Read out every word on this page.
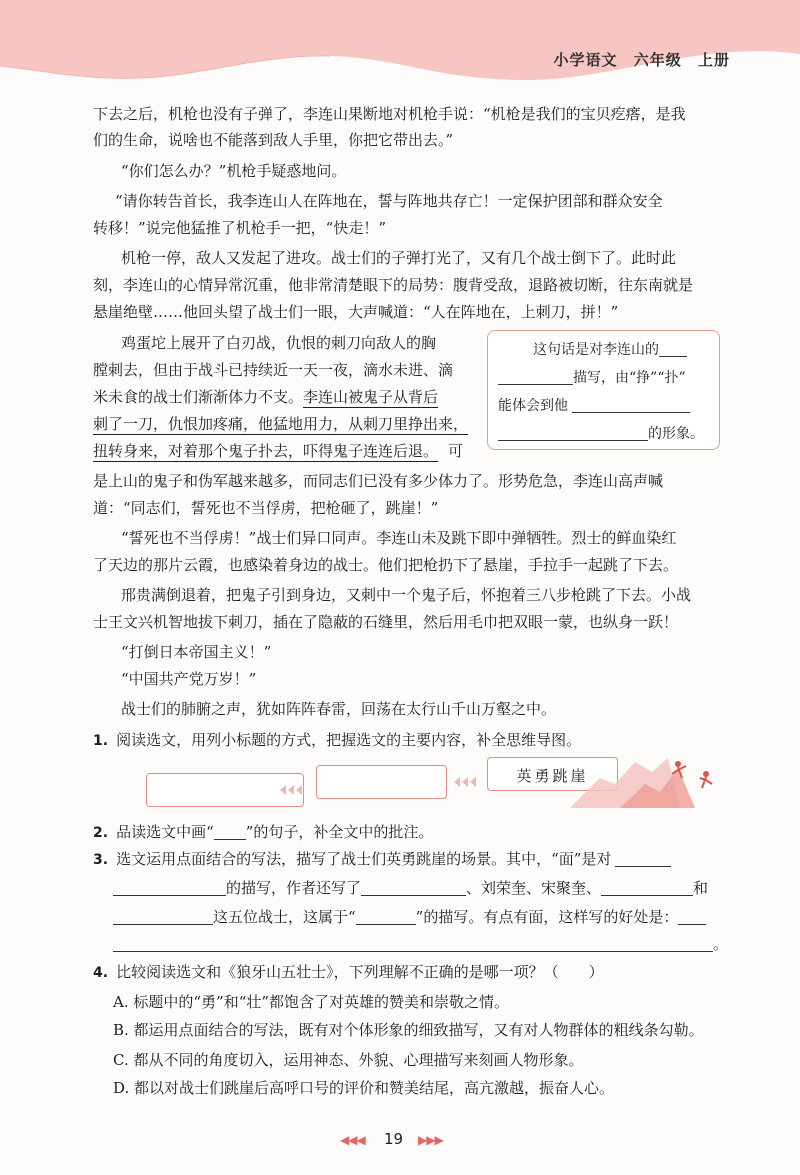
小学语文 六年级 上册
下去之后，机枪也没有子弹了，李连山果断地对机枪手说：“机枪是我们的宝贝疙瘩，是我
们的生命，说啥也不能落到敌人手里，你把它带出去。”
“你们怎么办？”机枪手疑惑地问。
“请你转告首长，我李连山人在阵地在，誓与阵地共存亡！一定保护团部和群众安全
转移！”说完他猛推了机枪手一把，“快走！”
机枪一停，敌人又发起了进攻。战士们的子弹打光了，又有几个战士倒下了。此时此
刻，李连山的心情异常沉重，他非常清楚眼下的局势：腹背受敌，退路被切断，往东南就是
悬崖绝壁……他回头望了战士们一眼，大声喊道：“人在阵地在，上刺刀，拼！”
鸡蛋坨上展开了白刃战，仇恨的刺刀向敌人的胸
膛刺去，但由于战斗已持续近一天一夜，滴水未进、滴
米未食的战士们渐渐体力不支。李连山被鬼子从背后
刺了一刀，仇恨加疼痛，他猛地用力，从刺刀里挣出来，
扭转身来，对着那个鬼子扑去，吓得鬼子连连后退。 可
是上山的鬼子和伪军越来越多，而同志们已没有多少体力了。形势危急，李连山高声喊
道：“同志们，誓死也不当俘虏，把枪砸了，跳崖！”
“誓死也不当俘虏！”战士们异口同声。李连山未及跳下即中弹牺牲。烈士的鲜血染红
了天边的那片云霞，也感染着身边的战士。他们把枪扔下了悬崖，手拉手一起跳了下去。
邢贵满倒退着，把鬼子引到身边，又刺中一个鬼子后，怀抱着三八步枪跳了下去。小战
士王文兴机智地拔下刺刀，插在了隐蔽的石缝里，然后用毛巾把双眼一蒙，也纵身一跃！
“打倒日本帝国主义！”
“中国共产党万岁！”
战士们的肺腑之声，犹如阵阵春雷，回荡在太行山千山万壑之中。
这句话是对李连山的
描写，由“挣”“扑”
能体会到他
的形象。
1. 阅读选文，用列小标题的方式，把握选文的主要内容，补全思维导图。
英勇跳崖
2. 品读选文中画“ ”的句子，补全文中的批注。
3. 选文运用点面结合的写法，描写了战士们英勇跳崖的场景。其中，“面”是对
的描写，作者还写了	、刘荣奎、宋聚奎、	和
这五位战士，这属于“	”的描写。有点有面，这样写的好处是：
。
4. 比较阅读选文和《狼牙山五壮士》，下列理解不正确的是哪一项？（　　）
A. 标题中的“勇”和“壮”都饱含了对英雄的赞美和崇敬之情。
B. 都运用点面结合的写法，既有对个体形象的细致描写，又有对人物群体的粗线条勾勒。
C. 都从不同的角度切入，运用神态、外貌、心理描写来刻画人物形象。
D. 都以对战士们跳崖后高呼口号的评价和赞美结尾，高亢激越，振奋人心。
◀◀◀ 19 ▶▶▶
